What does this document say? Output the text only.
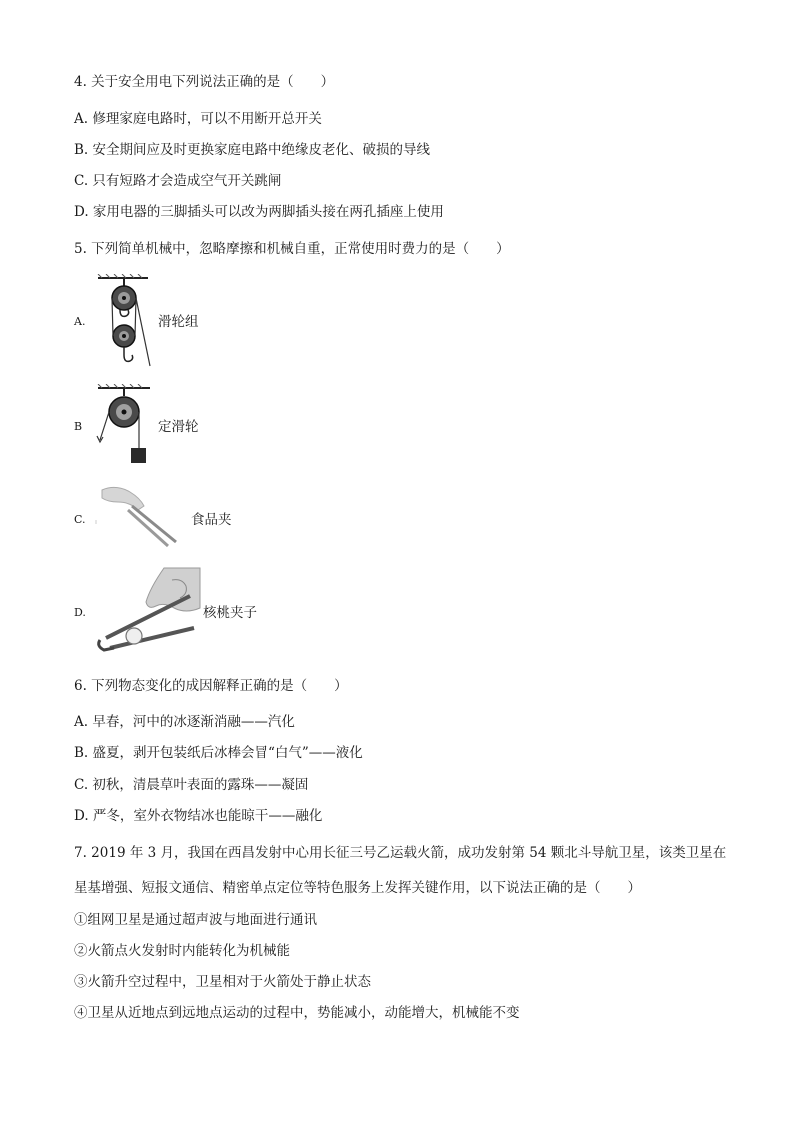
4. 关于安全用电下列说法正确的是（　　）
A. 修理家庭电路时，可以不用断开总开关
B. 安全期间应及时更换家庭电路中绝缘皮老化、破损的导线
C. 只有短路才会造成空气开关跳闸
D. 家用电器的三脚插头可以改为两脚插头接在两孔插座上使用
5. 下列简单机械中，忽略摩擦和机械自重，正常使用时费力的是（　　）
A.	滑轮组
B	定滑轮
C.	食品夹
D.	核桃夹子
6. 下列物态变化的成因解释正确的是（　　）
A. 早春，河中的冰逐渐消融——汽化
B. 盛夏，剥开包装纸后冰棒会冒“白气”——液化
C. 初秋，清晨草叶表面的露珠——凝固
D. 严冬，室外衣物结冰也能晾干——融化
7. 2019 年 3 月，我国在西昌发射中心用长征三号乙运载火箭，成功发射第 54 颗北斗导航卫星，该类卫星在
星基增强、短报文通信、精密单点定位等特色服务上发挥关键作用，以下说法正确的是（　　）
①组网卫星是通过超声波与地面进行通讯
②火箭点火发射时内能转化为机械能
③火箭升空过程中，卫星相对于火箭处于静止状态
④卫星从近地点到远地点运动的过程中，势能减小，动能增大，机械能不变
